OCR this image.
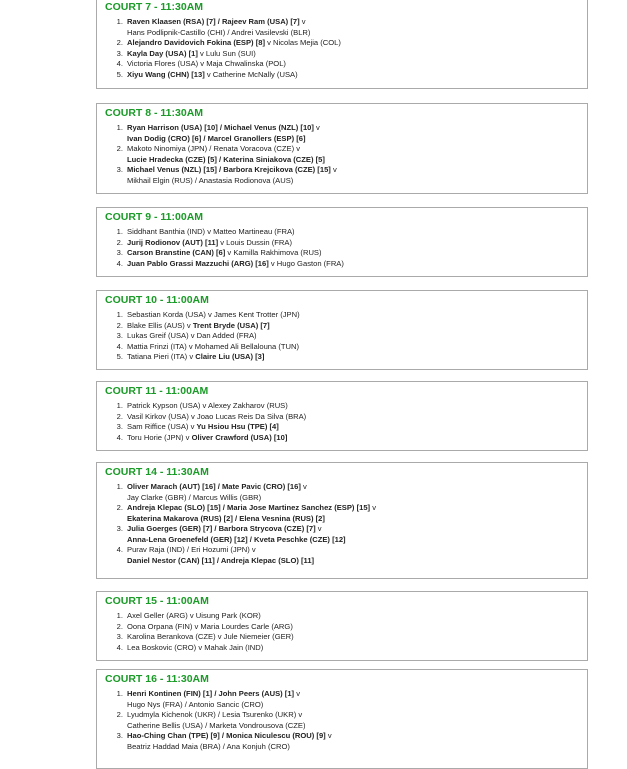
COURT 7 - 11:30AM
1. Raven Klaasen (RSA) [7] / Rajeev Ram (USA) [7] v
Hans Podlipnik-Castillo (CHI) / Andrei Vasilevski (BLR)
2. Alejandro Davidovich Fokina (ESP) [8] v Nicolas Mejia (COL)
3. Kayla Day (USA) [1] v Lulu Sun (SUI)
4. Victoria Flores (USA) v Maja Chwalinska (POL)
5. Xiyu Wang (CHN) [13] v Catherine McNally (USA)
COURT 8 - 11:30AM
1. Ryan Harrison (USA) [10] / Michael Venus (NZL) [10] v
Ivan Dodig (CRO) [6] / Marcel Granollers (ESP) [6]
2. Makoto Ninomiya (JPN) / Renata Voracova (CZE) v
Lucie Hradecka (CZE) [5] / Katerina Siniakova (CZE) [5]
3. Michael Venus (NZL) [15] / Barbora Krejcikova (CZE) [15] v
Mikhail Elgin (RUS) / Anastasia Rodionova (AUS)
COURT 9 - 11:00AM
1. Siddhant Banthia (IND) v Matteo Martineau (FRA)
2. Jurij Rodionov (AUT) [11] v Louis Dussin (FRA)
3. Carson Branstine (CAN) [6] v Kamilla Rakhimova (RUS)
4. Juan Pablo Grassi Mazzuchi (ARG) [16] v Hugo Gaston (FRA)
COURT 10 - 11:00AM
1. Sebastian Korda (USA) v James Kent Trotter (JPN)
2. Blake Ellis (AUS) v Trent Bryde (USA) [7]
3. Lukas Greif (USA) v Dan Added (FRA)
4. Mattia Frinzi (ITA) v Mohamed Ali Bellalouna (TUN)
5. Tatiana Pieri (ITA) v Claire Liu (USA) [3]
COURT 11 - 11:00AM
1. Patrick Kypson (USA) v Alexey Zakharov (RUS)
2. Vasil Kirkov (USA) v Joao Lucas Reis Da Silva (BRA)
3. Sam Riffice (USA) v Yu Hsiou Hsu (TPE) [4]
4. Toru Horie (JPN) v Oliver Crawford (USA) [10]
COURT 14 - 11:30AM
1. Oliver Marach (AUT) [16] / Mate Pavic (CRO) [16] v
Jay Clarke (GBR) / Marcus Willis (GBR)
2. Andreja Klepac (SLO) [15] / Maria Jose Martinez Sanchez (ESP) [15] v
Ekaterina Makarova (RUS) [2] / Elena Vesnina (RUS) [2]
3. Julia Goerges (GER) [7] / Barbora Strycova (CZE) [7] v
Anna-Lena Groenefeld (GER) [12] / Kveta Peschke (CZE) [12]
4. Purav Raja (IND) / Eri Hozumi (JPN) v
Daniel Nestor (CAN) [11] / Andreja Klepac (SLO) [11]
COURT 15 - 11:00AM
1. Axel Geller (ARG) v Uisung Park (KOR)
2. Oona Orpana (FIN) v Maria Lourdes Carle (ARG)
3. Karolina Berankova (CZE) v Jule Niemeier (GER)
4. Lea Boskovic (CRO) v Mahak Jain (IND)
COURT 16 - 11:30AM
1. Henri Kontinen (FIN) [1] / John Peers (AUS) [1] v
Hugo Nys (FRA) / Antonio Sancic (CRO)
2. Lyudmyla Kichenok (UKR) / Lesia Tsurenko (UKR) v
Catherine Bellis (USA) / Marketa Vondrousova (CZE)
3. Hao-Ching Chan (TPE) [9] / Monica Niculescu (ROU) [9] v
Beatriz Haddad Maia (BRA) / Ana Konjuh (CRO)
